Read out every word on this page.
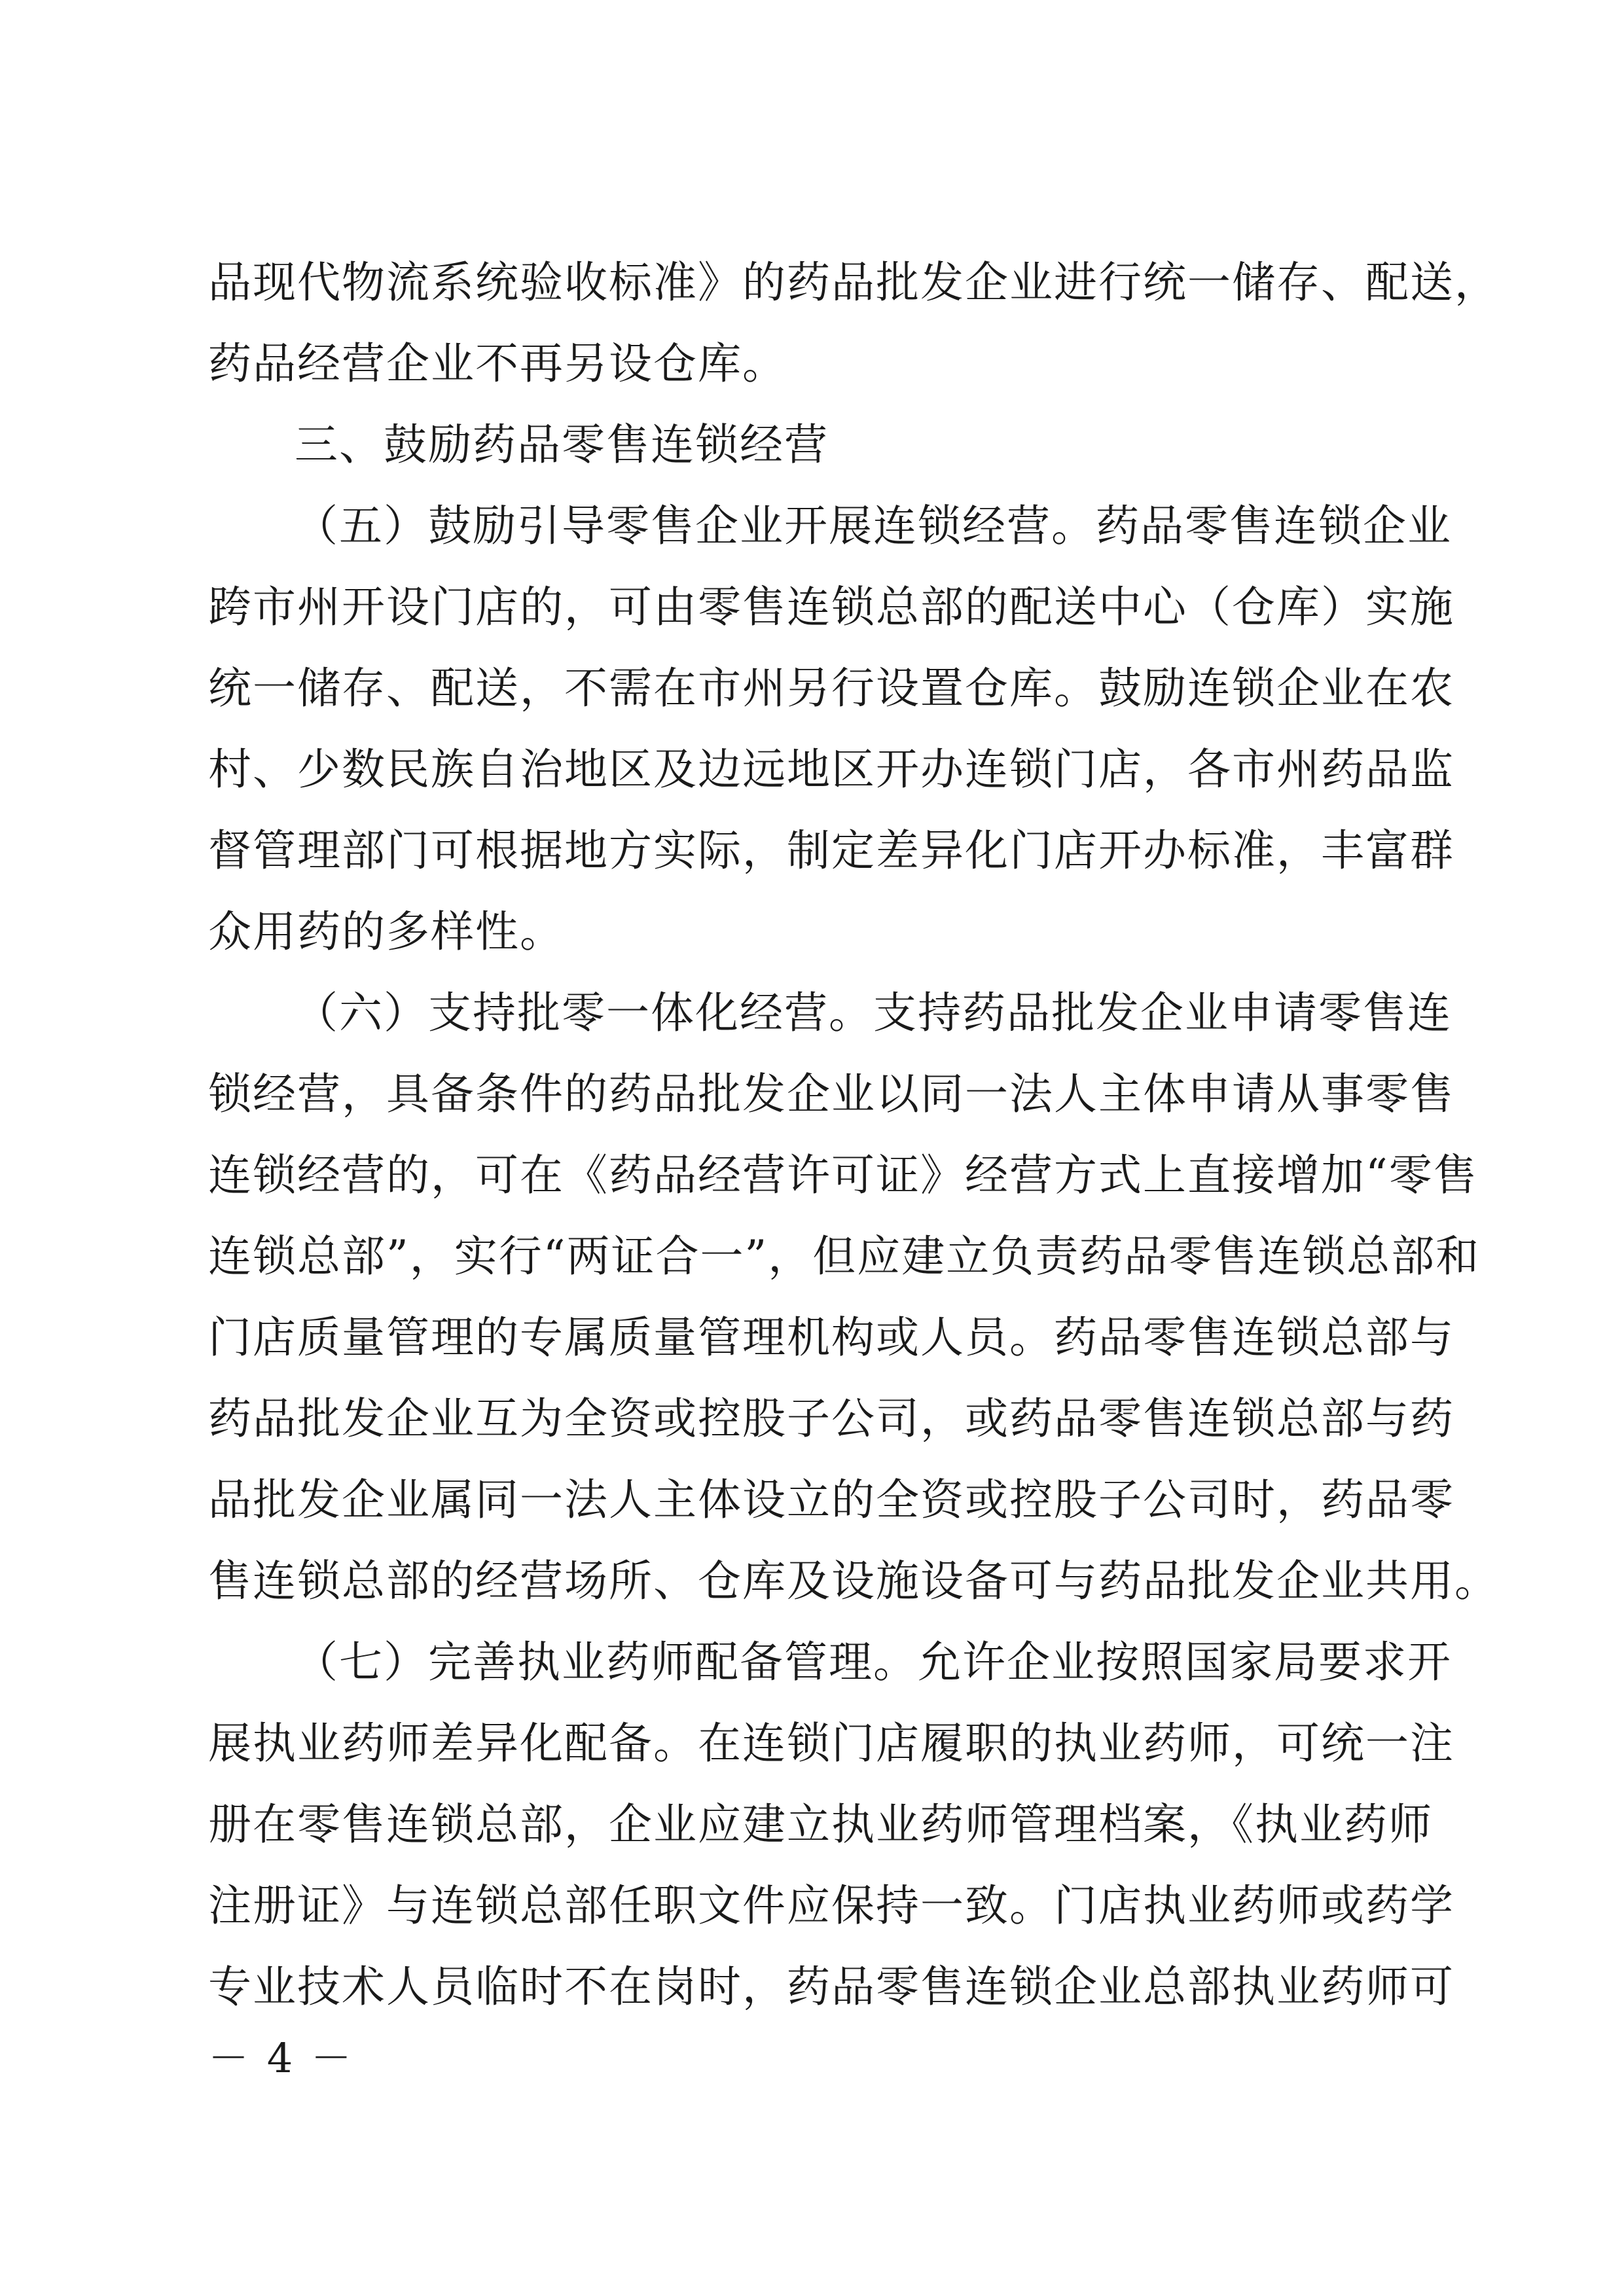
品现代物流系统验收标准》的药品批发企业进行统一储存、配送，
药品经营企业不再另设仓库。
三、鼓励药品零售连锁经营
（五）鼓励引导零售企业开展连锁经营。药品零售连锁企业
跨市州开设门店的，可由零售连锁总部的配送中心（仓库）实施
统一储存、配送，不需在市州另行设置仓库。鼓励连锁企业在农
村、少数民族自治地区及边远地区开办连锁门店，各市州药品监
督管理部门可根据地方实际，制定差异化门店开办标准，丰富群
众用药的多样性。
（六）支持批零一体化经营。支持药品批发企业申请零售连
锁经营，具备条件的药品批发企业以同一法人主体申请从事零售
连锁经营的，可在《药品经营许可证》经营方式上直接增加“零售
连锁总部”，实行“两证合一”，但应建立负责药品零售连锁总部和
门店质量管理的专属质量管理机构或人员。药品零售连锁总部与
药品批发企业互为全资或控股子公司，或药品零售连锁总部与药
品批发企业属同一法人主体设立的全资或控股子公司时，药品零
售连锁总部的经营场所、仓库及设施设备可与药品批发企业共用。
（七）完善执业药师配备管理。允许企业按照国家局要求开
展执业药师差异化配备。在连锁门店履职的执业药师，可统一注
册在零售连锁总部，企业应建立执业药师管理档案，《执业药师
注册证》与连锁总部任职文件应保持一致。门店执业药师或药学
专业技术人员临时不在岗时，药品零售连锁企业总部执业药师可
－ 4 －
